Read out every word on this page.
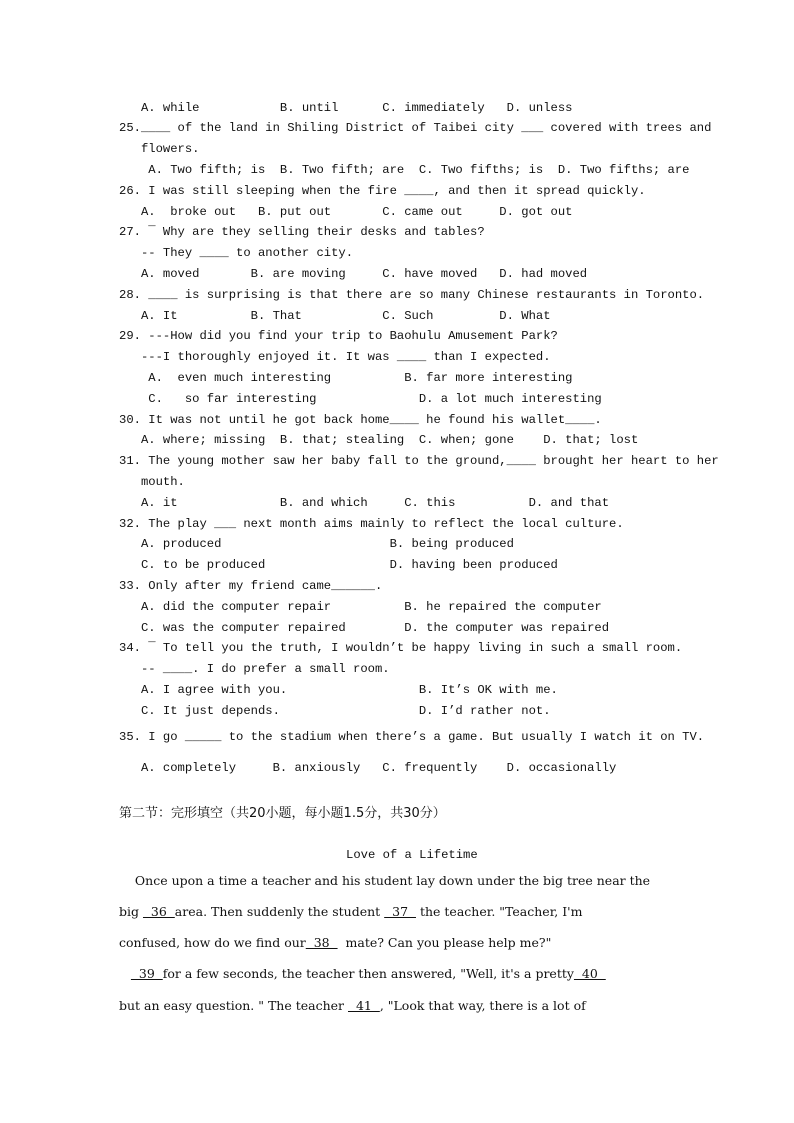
A. while           B. until      C. immediately   D. unless
25.____ of the land in Shiling District of Taibei city ___ covered with trees and
flowers.
A. Two fifth; is  B. Two fifth; are  C. Two fifths; is  D. Two fifths; are
26. I was still sleeping when the fire ____, and then it spread quickly.
A.  broke out   B. put out       C. came out     D. got out
27. ¯ Why are they selling their desks and tables?
-- They ____ to another city.
A. moved       B. are moving     C. have moved   D. had moved
28. ____ is surprising is that there are so many Chinese restaurants in Toronto.
A. It          B. That           C. Such         D. What
29. ---How did you find your trip to Baohulu Amusement Park?
---I thoroughly enjoyed it. It was ____ than I expected.
A.  even much interesting          B. far more interesting
C.   so far interesting              D. a lot much interesting
30. It was not until he got back home____ he found his wallet____.
A. where; missing  B. that; stealing  C. when; gone    D. that; lost
31. The young mother saw her baby fall to the ground,____ brought her heart to her
mouth.
A. it              B. and which     C. this          D. and that
32. The play ___ next month aims mainly to reflect the local culture.
A. produced                       B. being produced
C. to be produced                 D. having been produced
33. Only after my friend came______.
A. did the computer repair          B. he repaired the computer
C. was the computer repaired        D. the computer was repaired
34. ¯ To tell you the truth, I wouldn’t be happy living in such a small room.
-- ____. I do prefer a small room.
A. I agree with you.                  B. It’s OK with me.
C. It just depends.                   D. I’d rather not.
35. I go _____ to the stadium when there’s a game. But usually I watch it on TV.
A. completely     B. anxiously   C. frequently    D. occasionally
第二节：完形填空（共20小题，每小题1.5分，共30分）
Love of a Lifetime
Once upon a time a teacher and his student lay down under the big tree near the
big   36  area. Then suddenly the student   37   the teacher. "Teacher, I'm
confused, how do we find our  38    mate? Can you please help me?"
39  for a few seconds, the teacher then answered, "Well, it's a pretty  40
but an easy question. " The teacher   41  , "Look that way, there is a lot of
